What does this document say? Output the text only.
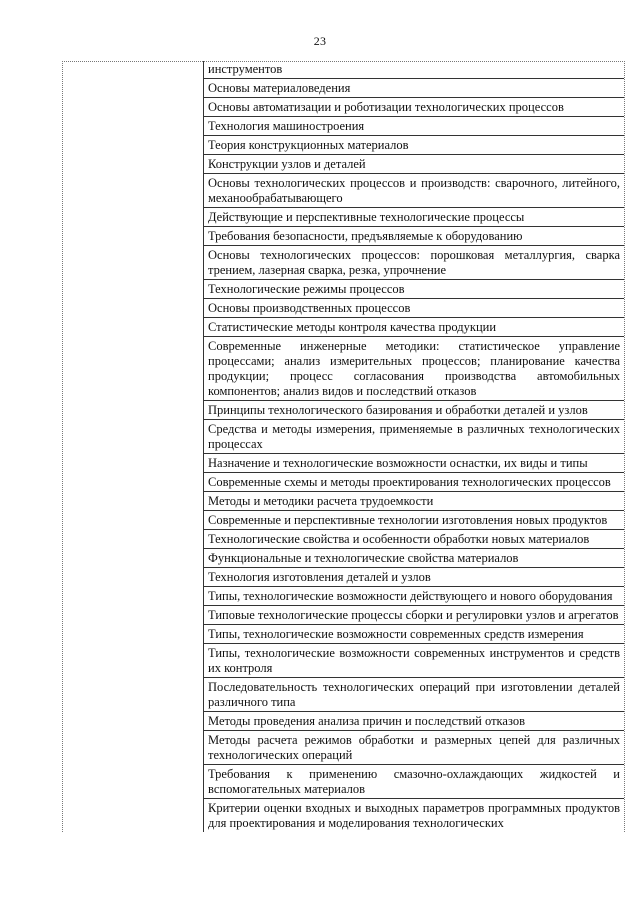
23

инструментов
Основы материаловедения
Основы автоматизации и роботизации технологических процессов
Технология машиностроения
Теория конструкционных материалов
Конструкции узлов и деталей
Основы технологических процессов и производств: сварочного, литейного, механообрабатывающего
Действующие и перспективные технологические процессы
Требования безопасности, предъявляемые к оборудованию
Основы технологических процессов: порошковая металлургия, сварка трением, лазерная сварка, резка, упрочнение
Технологические режимы процессов
Основы производственных процессов
Статистические методы контроля качества продукции
Современные инженерные методики: статистическое управление процессами; анализ измерительных процессов; планирование качества продукции; процесс согласования производства автомобильных компонентов; анализ видов и последствий отказов
Принципы технологического базирования и обработки деталей и узлов
Средства и методы измерения, применяемые в различных технологических процессах
Назначение и технологические возможности оснастки, их виды и типы
Современные схемы и методы проектирования технологических процессов
Методы и методики расчета трудоемкости
Современные и перспективные технологии изготовления новых продуктов
Технологические свойства и особенности обработки новых материалов
Функциональные и технологические свойства материалов
Технология изготовления деталей и узлов
Типы, технологические возможности действующего и нового оборудования
Типовые технологические процессы сборки и регулировки узлов и агрегатов
Типы, технологические возможности современных средств измерения
Типы, технологические возможности современных инструментов и средств их контроля
Последовательность технологических операций при изготовлении деталей различного типа
Методы проведения анализа причин и последствий отказов
Методы расчета режимов обработки и размерных цепей для различных технологических операций
Требования к применению смазочно-охлаждающих жидкостей и вспомогательных материалов
Критерии оценки входных и выходных параметров программных продуктов для проектирования и моделирования технологических
